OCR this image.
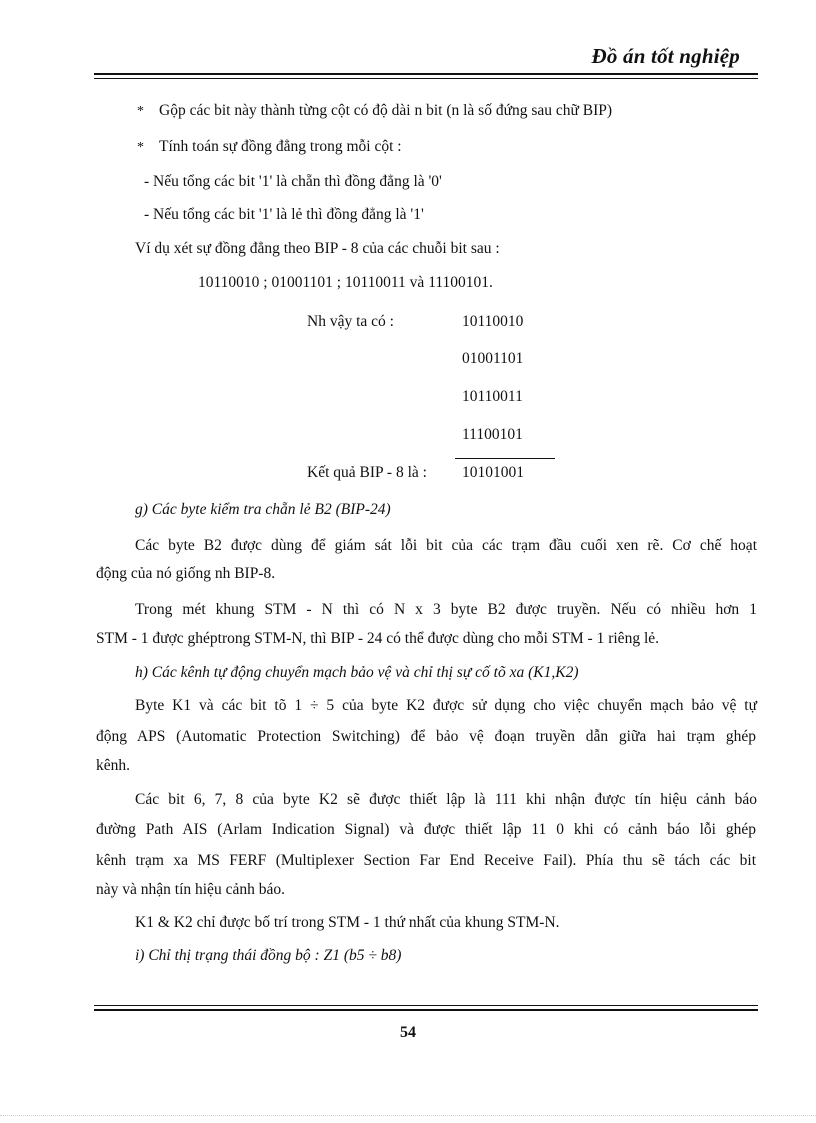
Đồ án tốt nghiệp
* Gộp các bit này thành từng cột có độ dài n bit (n là số đứng sau chữ BIP)
* Tính toán sự đồng đẳng trong mỗi cột :
- Nếu tổng các bit '1' là chẵn thì đồng đẳng là '0'
- Nếu tổng các bit '1' là lẻ thì đồng đẳng là '1'
Ví dụ xét sự đồng đẳng theo BIP - 8 của các chuỗi bit sau :
10110010 ; 01001101 ; 10110011 và 11100101.
Nh vậy ta có :	10110010
01001101
10110011
11100101
Kết quả BIP - 8 là : 10101001
g) Các byte kiểm tra chẵn lẻ B2 (BIP-24)
Các byte B2 được dùng để giám sát lỗi bit của các trạm đầu cuối xen rẽ. Cơ chế hoạt
động của nó giống nh BIP-8.
Trong mét khung STM - N thì có N x 3 byte B2 được truyền. Nếu có nhiều hơn 1
STM - 1 được ghéptrong STM-N, thì BIP - 24 có thể được dùng cho mỗi STM - 1 riêng lẻ.
h) Các kênh tự động chuyển mạch bảo vệ và chỉ thị sự cố tõ xa (K1,K2)
Byte K1 và các bit tõ 1 ÷ 5 của byte K2 được sử dụng cho việc chuyển mạch bảo vệ tự
động APS (Automatic Protection Switching) để bảo vệ đoạn truyền dẫn giữa hai trạm ghép
kênh.
Các bit 6, 7, 8 của byte K2 sẽ được thiết lập là 111 khi nhận được tín hiệu cảnh báo
đường Path AIS (Arlam Indication Signal) và được thiết lập 11 0 khi có cảnh báo lỗi ghép
kênh trạm xa MS FERF (Multiplexer Section Far End Receive Fail). Phía thu sẽ tách các bit
này và nhận tín hiệu cảnh báo.
K1 & K2 chỉ được bố trí trong STM - 1 thứ nhất của khung STM-N.
i) Chỉ thị trạng thái đồng bộ : Z1 (b5 ÷ b8)
54
